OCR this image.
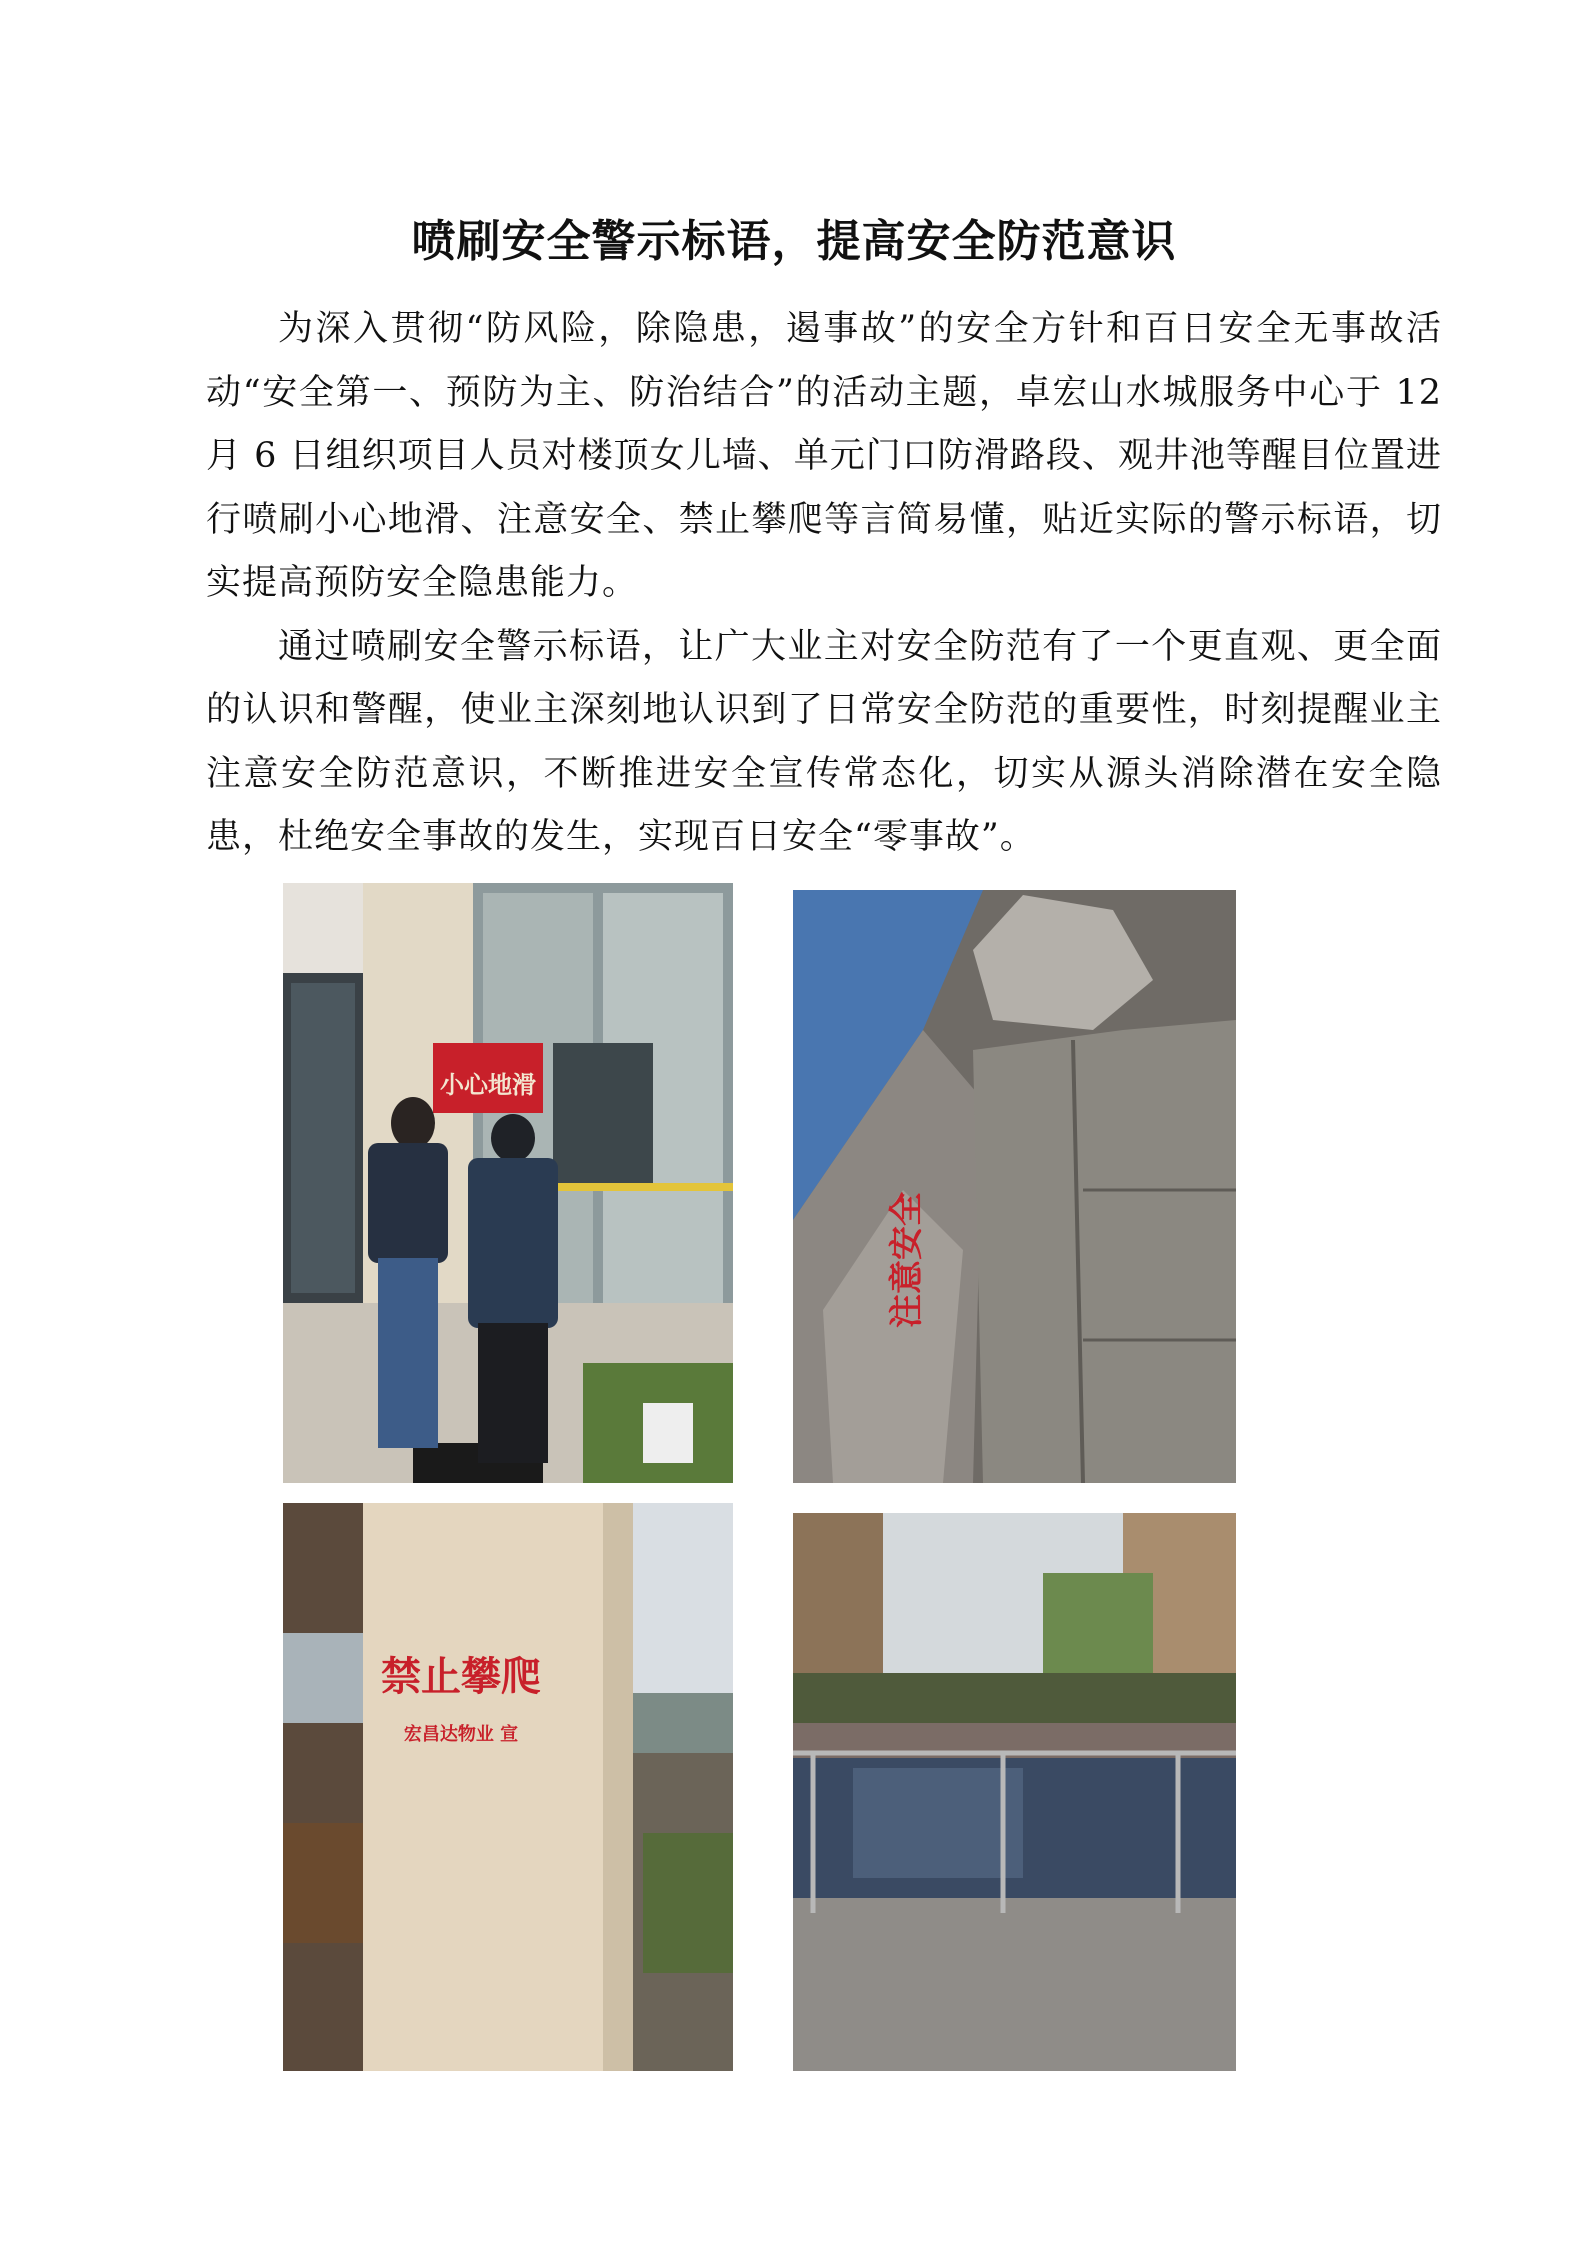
喷刷安全警示标语，提高安全防范意识

为深入贯彻“防风险，除隐患，遏事故”的安全方针和百日安全无事故活动“安全第一、预防为主、防治结合”的活动主题，卓宏山水城服务中心于 12 月 6 日组织项目人员对楼顶女儿墙、单元门口防滑路段、观井池等醒目位置进行喷刷小心地滑、注意安全、禁止攀爬等言简易懂，贴近实际的警示标语，切实提高预防安全隐患能力。

通过喷刷安全警示标语，让广大业主对安全防范有了一个更直观、更全面的认识和警醒，使业主深刻地认识到了日常安全防范的重要性，时刻提醒业主注意安全防范意识，不断推进安全宣传常态化，切实从源头消除潜在安全隐患，杜绝安全事故的发生，实现百日安全“零事故”。

小心地滑
注意安全
禁止攀爬
宏昌达物业 宣
